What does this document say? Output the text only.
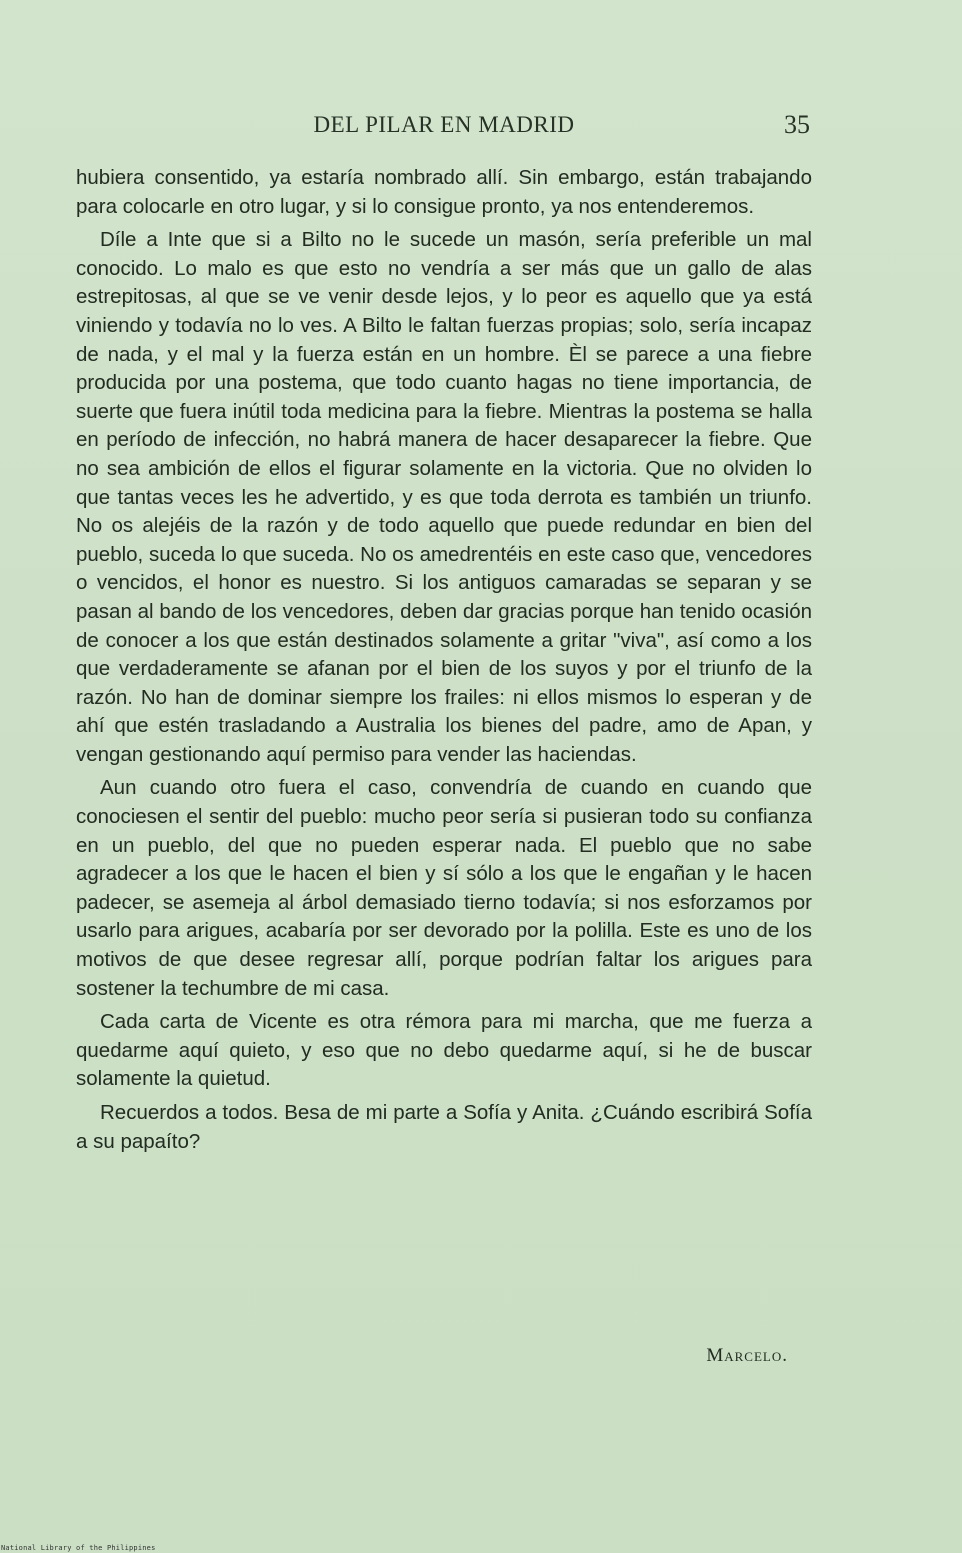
DEL PILAR EN MADRID	35

hubiera consentido, ya estaría nombrado allí. Sin embargo, están trabajando para colocarle en otro lugar, y si lo consigue pronto, ya nos entenderemos.

Díle a Inte que si a Bilto no le sucede un masón, sería preferible un mal conocido. Lo malo es que esto no vendría a ser más que un gallo de alas estrepitosas, al que se ve venir desde lejos, y lo peor es aquello que ya está viniendo y todavía no lo ves. A Bilto le faltan fuerzas propias; solo, sería incapaz de nada, y el mal y la fuerza están en un hombre. Èl se parece a una fiebre producida por una postema, que todo cuanto hagas no tiene importancia, de suerte que fuera inútil toda medicina para la fiebre. Mientras la postema se halla en período de infección, no habrá manera de hacer desaparecer la fiebre. Que no sea ambición de ellos el figurar solamente en la victoria. Que no olviden lo que tantas veces les he advertido, y es que toda derrota es también un triunfo. No os alejéis de la razón y de todo aquello que puede redundar en bien del pueblo, suceda lo que suceda. No os amedrentéis en este caso que, vencedores o vencidos, el honor es nuestro. Si los antiguos camaradas se separan y se pasan al bando de los vencedores, deben dar gracias porque han tenido ocasión de conocer a los que están destinados solamente a gritar "viva", así como a los que verdaderamente se afanan por el bien de los suyos y por el triunfo de la razón. No han de dominar siempre los frailes: ni ellos mismos lo esperan y de ahí que estén trasladando a Australia los bienes del padre, amo de Apan, y vengan gestionando aquí permiso para vender las haciendas.

Aun cuando otro fuera el caso, convendría de cuando en cuando que conociesen el sentir del pueblo: mucho peor sería si pusieran todo su confianza en un pueblo, del que no pueden esperar nada. El pueblo que no sabe agradecer a los que le hacen el bien y sí sólo a los que le engañan y le hacen padecer, se asemeja al árbol demasiado tierno todavía; si nos esforzamos por usarlo para arigues, acabaría por ser devorado por la polilla. Este es uno de los motivos de que desee regresar allí, porque podrían faltar los arigues para sostener la techumbre de mi casa.

Cada carta de Vicente es otra rémora para mi marcha, que me fuerza a quedarme aquí quieto, y eso que no debo quedarme aquí, si he de buscar solamente la quietud.

Recuerdos a todos. Besa de mi parte a Sofía y Anita. ¿Cuándo escribirá Sofía a su papaíto?

Marcelo.
National Library of the Philippines
